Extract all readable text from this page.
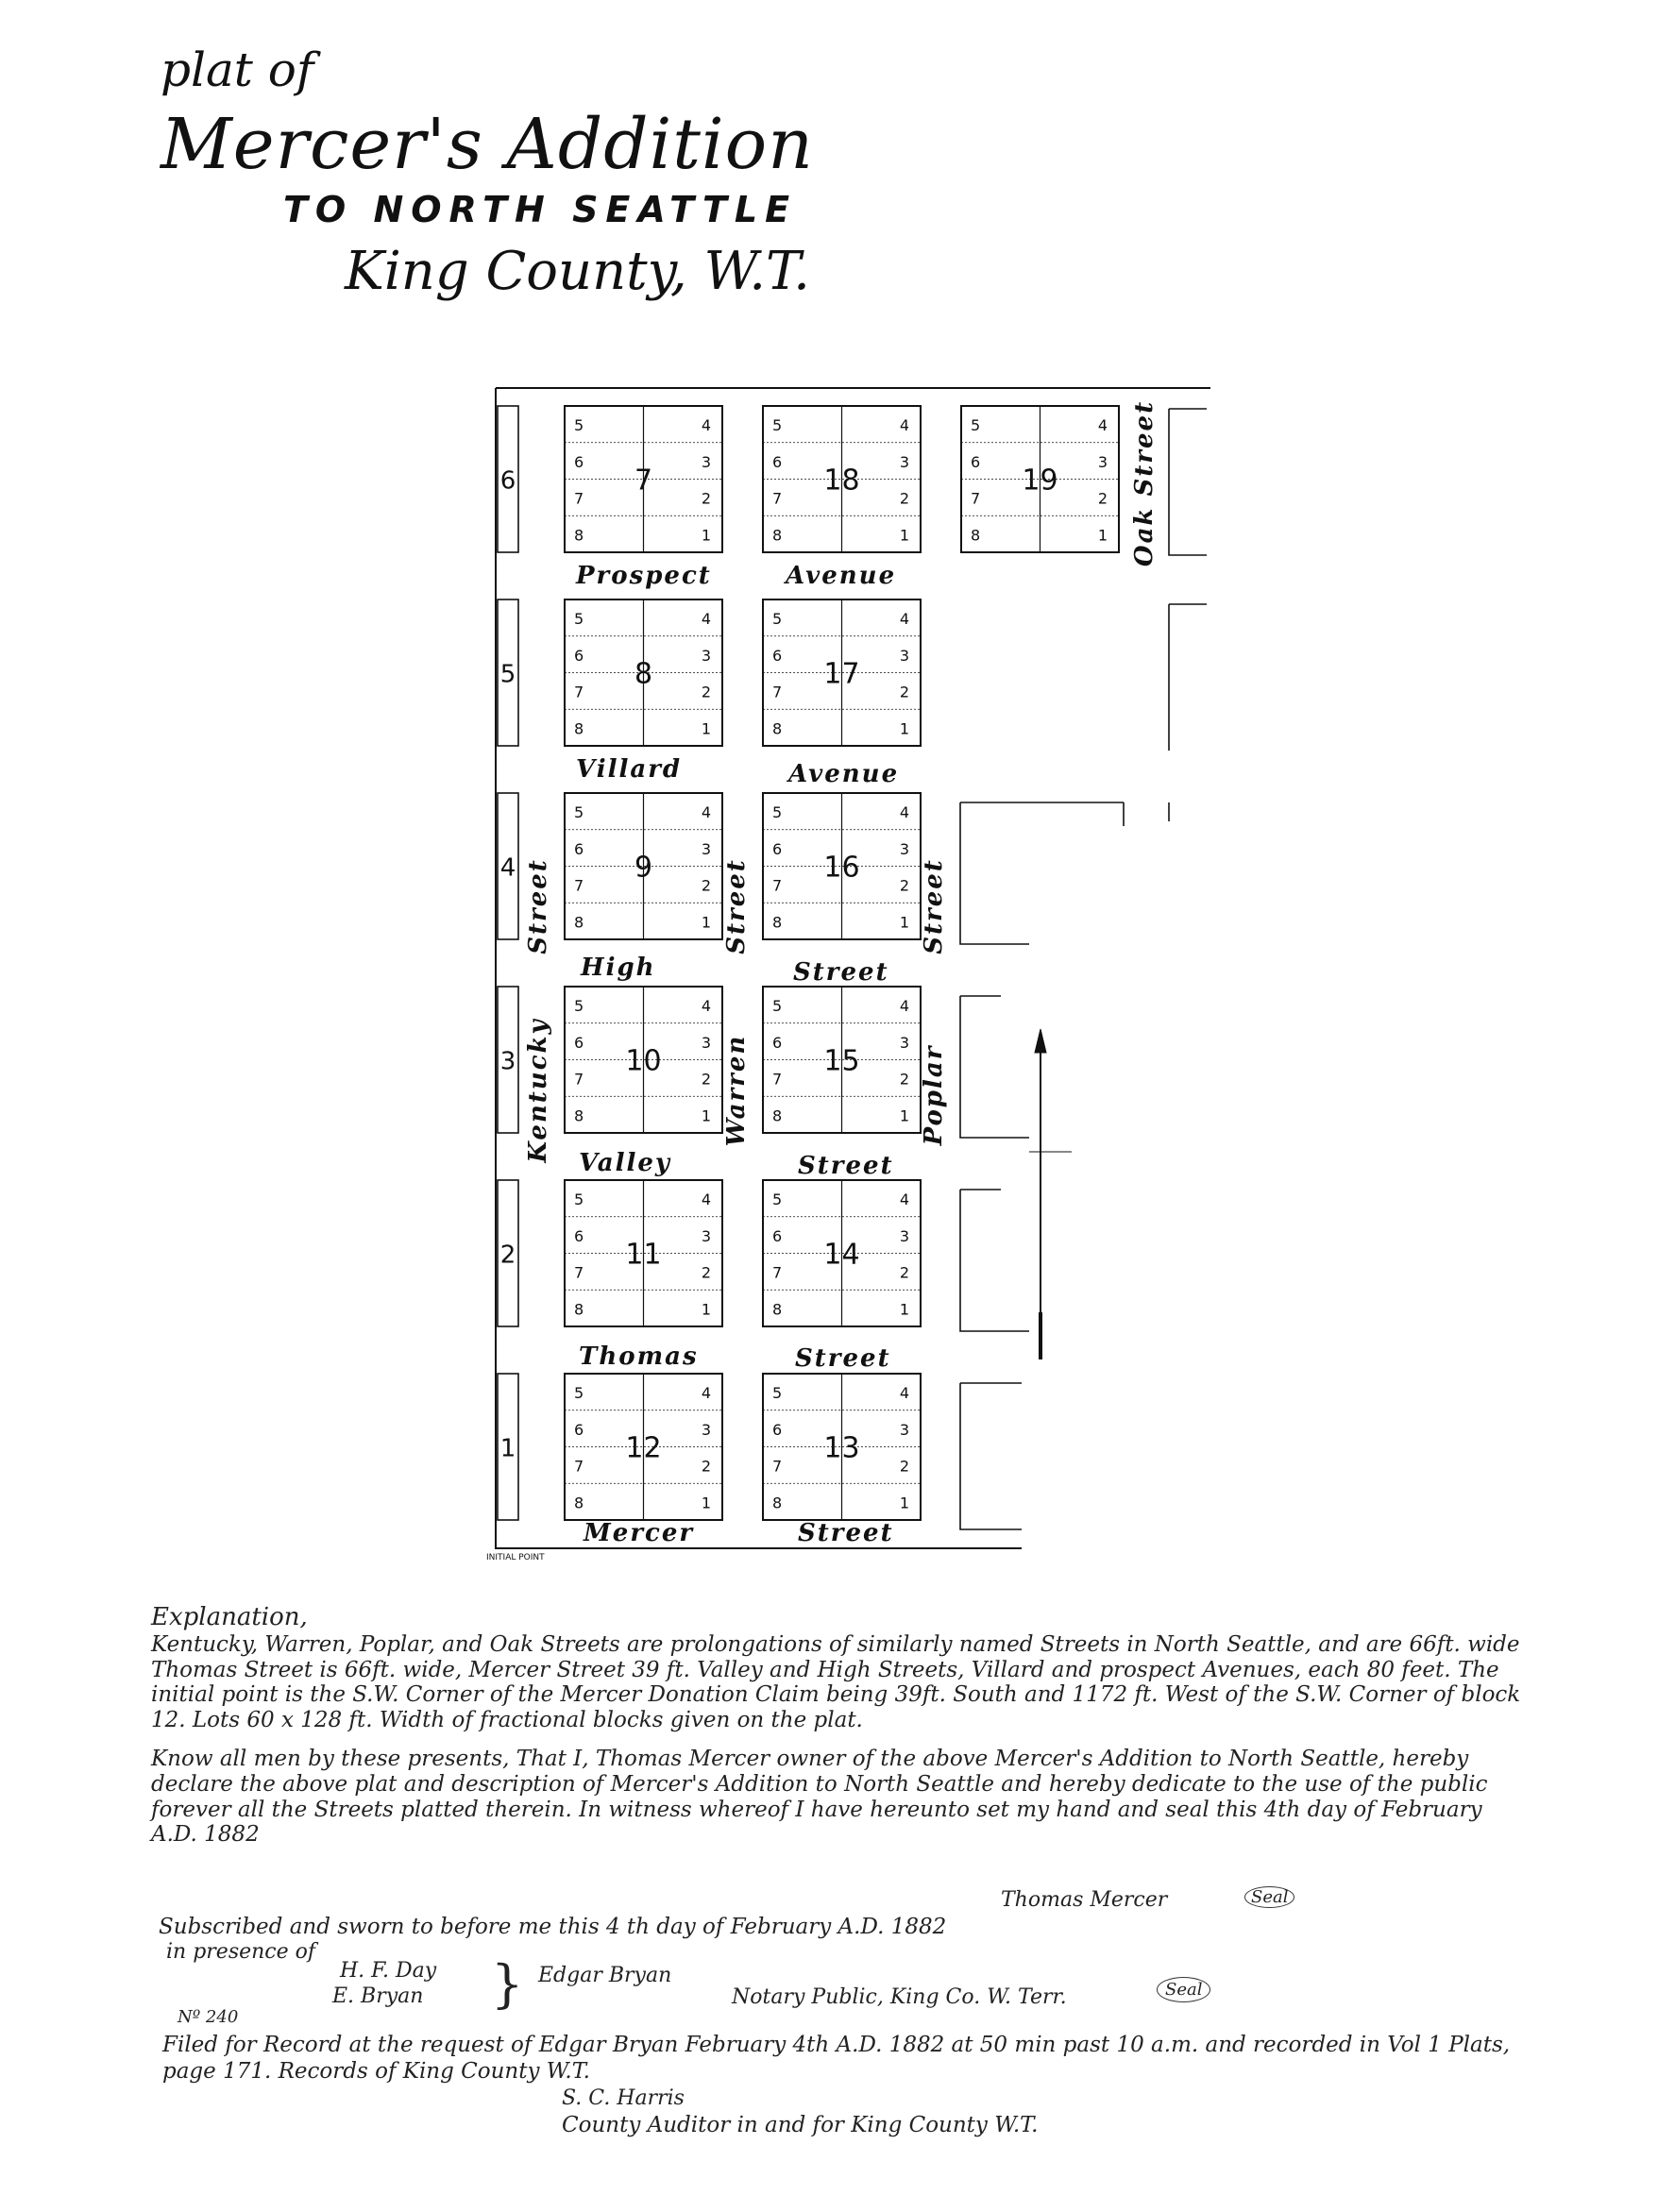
plat of
Mercer's Addition
TO NORTH SEATTLE
King County, W.T.
5
6
7
8
4
3
2
1
7
5
6
7
8
4
3
2
1
18
5
6
7
8
4
3
2
1
19
5
6
7
8
4
3
2
1
8
5
6
7
8
4
3
2
1
17
5
6
7
8
4
3
2
1
9
5
6
7
8
4
3
2
1
16
5
6
7
8
4
3
2
1
10
5
6
7
8
4
3
2
1
15
5
6
7
8
4
3
2
1
11
5
6
7
8
4
3
2
1
14
5
6
7
8
4
3
2
1
12
5
6
7
8
4
3
2
1
13
6
5
4
3
2
1
Prospect	Avenue
Villard	Avenue
High	Street
Valley	Street
Thomas	Street
Mercer	Street
Street
Kentucky
Street
Warren
Street
Poplar
Oak Street
INITIAL POINT
Explanation,
Kentucky, Warren, Poplar, and Oak Streets are prolongations of similarly named Streets in North Seattle, and are 66ft. wide Thomas Street is 66ft. wide, Mercer Street 39 ft. Valley and High Streets, Villard and prospect Avenues, each 80 feet. The initial point is the S.W. Corner of the Mercer Donation Claim being 39ft. South and 1172 ft. West of the S.W. Corner of block 12. Lots 60 x 128 ft. Width of fractional blocks given on the plat.
Know all men by these presents, That I, Thomas Mercer owner of the above Mercer's Addition to North Seattle, hereby declare the above plat and description of Mercer's Addition to North Seattle and hereby dedicate to the use of the public forever all the Streets platted therein. In witness whereof I have hereunto set my hand and seal this 4th day of February A.D. 1882
Thomas Mercer	Seal
Subscribed and sworn to before me this 4 th day of February A.D. 1882
in presence of
H. F. Day
E. Bryan } Edgar Bryan
Notary Public, King Co. W. Terr.	Seal
Nº 240
Filed for Record at the request of Edgar Bryan February 4th A.D. 1882 at 50 min past 10 a.m. and recorded in Vol 1 Plats, page 171. Records of King County W.T.
S. C. Harris
County Auditor in and for King County W.T.
